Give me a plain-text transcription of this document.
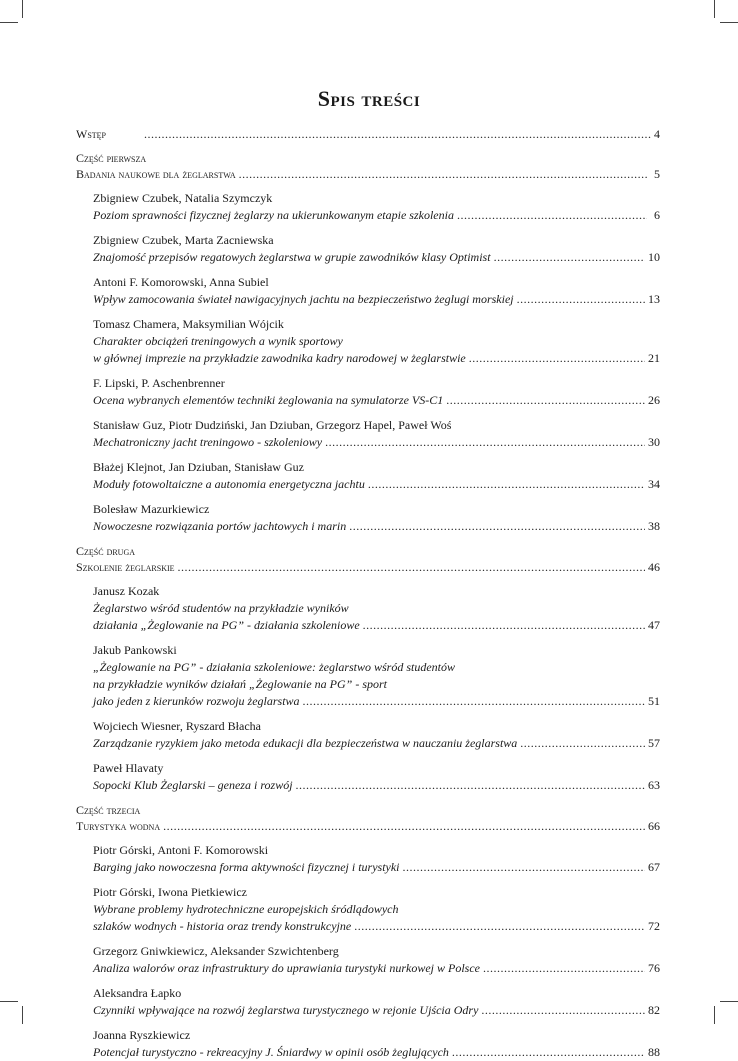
Spis treści
Wstęp .....	4
Część pierwsza
Badania naukowe dla żeglarstwa .....	5
Zbigniew Czubek, Natalia Szymczyk
Poziom sprawności fizycznej żeglarzy na ukierunkowanym etapie szkolenia .....	6
Zbigniew Czubek, Marta Zacniewska
Znajomość przepisów regatowych żeglarstwa w grupie zawodników klasy Optimist .....	10
Antoni F. Komorowski, Anna Subiel
Wpływ zamocowania świateł nawigacyjnych jachtu na bezpieczeństwo żeglugi morskiej .....	13
Tomasz Chamera, Maksymilian Wójcik
Charakter obciążeń treningowych a wynik sportowy
w głównej imprezie na przykładzie zawodnika kadry narodowej w żeglarstwie .....	21
F. Lipski, P. Aschenbrenner
Ocena wybranych elementów techniki żeglowania na symulatorze VS-C1 .....	26
Stanisław Guz, Piotr Dudziński, Jan Dziuban, Grzegorz Hapel, Paweł Woś
Mechatroniczny jacht treningowo - szkoleniowy .....	30
Błażej Klejnot, Jan Dziuban, Stanisław Guz
Moduły fotowoltaiczne a autonomia energetyczna jachtu .....	34
Bolesław Mazurkiewicz
Nowoczesne rozwiązania portów jachtowych i marin .....	38
Część druga
Szkolenie żeglarskie .....	46
Janusz Kozak
Żeglarstwo wśród studentów na przykładzie wyników
działania „Żeglowanie na PG” - działania szkoleniowe .....	47
Jakub Pankowski
„Żeglowanie na PG” - działania szkoleniowe: żeglarstwo wśród studentów
na przykładzie wyników działań „Żeglowanie na PG” - sport
jako jeden z kierunków rozwoju żeglarstwa .....	51
Wojciech Wiesner, Ryszard Błacha
Zarządzanie ryzykiem jako metoda edukacji dla bezpieczeństwa w nauczaniu żeglarstwa .....	57
Paweł Hlavaty
Sopocki Klub Żeglarski – geneza i rozwój .....	63
Część trzecia
Turystyka wodna .....	66
Piotr Górski, Antoni F. Komorowski
Barging jako nowoczesna forma aktywności fizycznej i turystyki .....	67
Piotr Górski, Iwona Pietkiewicz
Wybrane problemy hydrotechniczne europejskich śródlądowych
szlaków wodnych - historia oraz trendy konstrukcyjne .....	72
Grzegorz Gniwkiewicz, Aleksander Szwichtenberg
Analiza walorów oraz infrastruktury do uprawiania turystyki nurkowej w Polsce .....	76
Aleksandra Łapko
Czynniki wpływające na rozwój żeglarstwa turystycznego w rejonie Ujścia Odry .....	82
Joanna Ryszkiewicz
Potencjał turystyczno - rekreacyjny J. Śniardwy w opinii osób żeglujących .....	88
